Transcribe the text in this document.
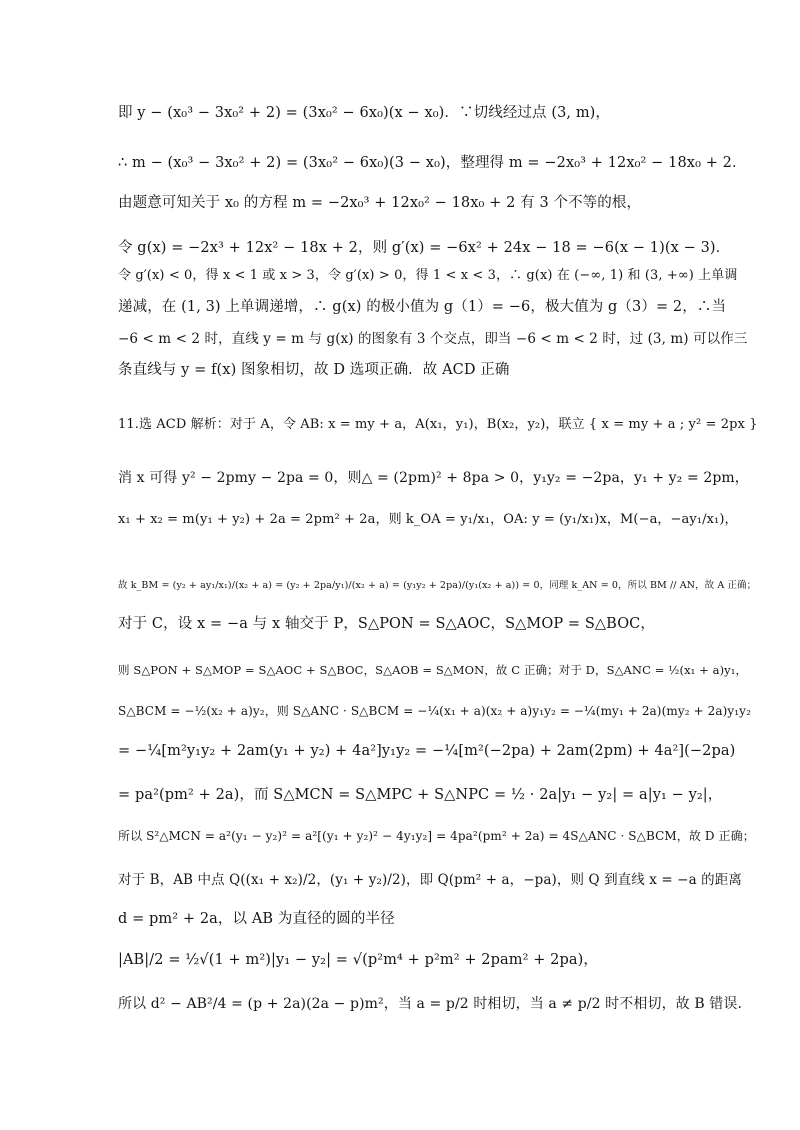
即 y − (x₀³ − 3x₀² + 2) = (3x₀² − 6x₀)(x − x₀)．∵切线经过点 (3, m)，
∴ m − (x₀³ − 3x₀² + 2) = (3x₀² − 6x₀)(3 − x₀)，整理得 m = −2x₀³ + 12x₀² − 18x₀ + 2．
由题意可知关于 x₀ 的方程 m = −2x₀³ + 12x₀² − 18x₀ + 2 有 3 个不等的根，
令 g(x) = −2x³ + 12x² − 18x + 2，则 g′(x) = −6x² + 24x − 18 = −6(x − 1)(x − 3)．
令 g′(x) < 0，得 x < 1 或 x > 3，令 g′(x) > 0，得 1 < x < 3，∴ g(x) 在 (−∞, 1) 和 (3, +∞) 上单调
递减，在 (1, 3) 上单调递增，∴ g(x) 的极小值为 g（1）= −6，极大值为 g（3）= 2，∴当
−6 < m < 2 时，直线 y = m 与 g(x) 的图象有 3 个交点，即当 −6 < m < 2 时，过 (3, m) 可以作三
条直线与 y = f(x) 图象相切，故 D 选项正确．故 ACD 正确
11.选 ACD 解析：对于 A，令 AB: x = my + a，A(x₁，y₁)，B(x₂，y₂)，联立 { x = my + a ; y² = 2px }
消 x 可得 y² − 2pmy − 2pa = 0，则△ = (2pm)² + 8pa > 0，y₁y₂ = −2pa，y₁ + y₂ = 2pm，
x₁ + x₂ = m(y₁ + y₂) + 2a = 2pm² + 2a，则 k_OA = y₁/x₁，OA: y = (y₁/x₁)x，M(−a，−ay₁/x₁)，
故 k_BM = (y₂ + ay₁/x₁)/(x₂ + a) = (y₂ + 2pa/y₁)/(x₂ + a) = (y₁y₂ + 2pa)/(y₁(x₂ + a)) = 0，同理 k_AN = 0，所以 BM // AN，故 A 正确；
对于 C，设 x = −a 与 x 轴交于 P，S△PON = S△AOC，S△MOP = S△BOC，
则 S△PON + S△MOP = S△AOC + S△BOC，S△AOB = S△MON，故 C 正确；对于 D，S△ANC = ½(x₁ + a)y₁，
S△BCM = −½(x₂ + a)y₂，则 S△ANC · S△BCM = −¼(x₁ + a)(x₂ + a)y₁y₂ = −¼(my₁ + 2a)(my₂ + 2a)y₁y₂
= −¼[m²y₁y₂ + 2am(y₁ + y₂) + 4a²]y₁y₂ = −¼[m²(−2pa) + 2am(2pm) + 4a²](−2pa)
= pa²(pm² + 2a)，而 S△MCN = S△MPC + S△NPC = ½ · 2a|y₁ − y₂| = a|y₁ − y₂|，
所以 S²△MCN = a²(y₁ − y₂)² = a²[(y₁ + y₂)² − 4y₁y₂] = 4pa²(pm² + 2a) = 4S△ANC · S△BCM，故 D 正确；
对于 B，AB 中点 Q((x₁ + x₂)/2，(y₁ + y₂)/2)，即 Q(pm² + a，−pa)，则 Q 到直线 x = −a 的距离
d = pm² + 2a，以 AB 为直径的圆的半径
|AB|/2 = ½√(1 + m²)|y₁ − y₂| = √(p²m⁴ + p²m² + 2pam² + 2pa)，
所以 d² − AB²/4 = (p + 2a)(2a − p)m²，当 a = p/2 时相切，当 a ≠ p/2 时不相切，故 B 错误.
